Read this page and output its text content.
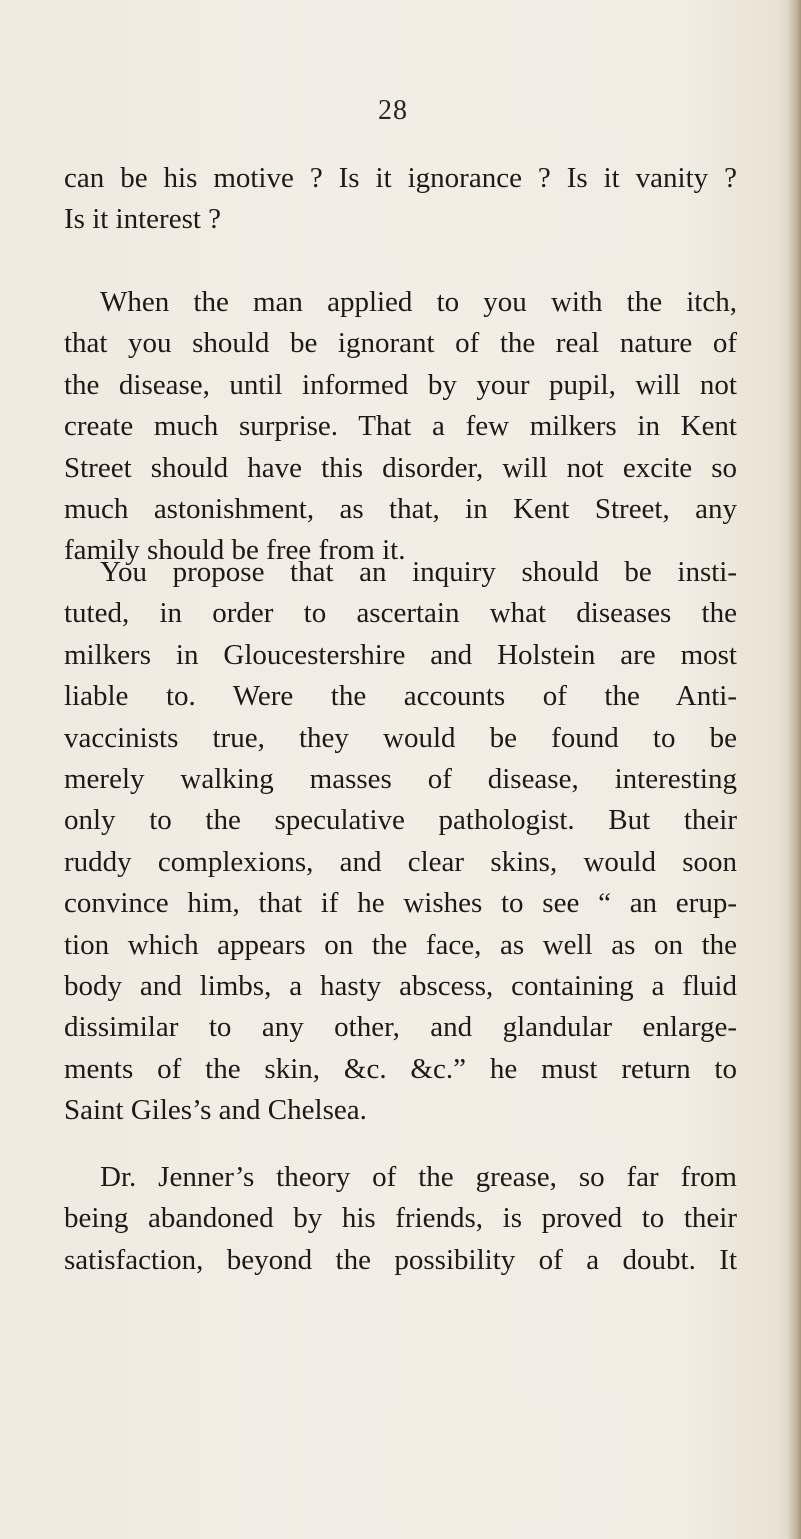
28

can be his motive ? Is it ignorance ? Is it vanity ?
Is it interest ?

When the man applied to you with the itch,
that you should be ignorant of the real nature of
the disease, until informed by your pupil, will not
create much surprise. That a few milkers in Kent
Street should have this disorder, will not excite so
much astonishment, as that, in Kent Street, any
family should be free from it.

You propose that an inquiry should be insti-
tuted, in order to ascertain what diseases the
milkers in Gloucestershire and Holstein are most
liable to. Were the accounts of the Anti-
vaccinists true, they would be found to be
merely walking masses of disease, interesting
only to the speculative pathologist. But their
ruddy complexions, and clear skins, would soon
convince him, that if he wishes to see “ an erup-
tion which appears on the face, as well as on the
body and limbs, a hasty abscess, containing a fluid
dissimilar to any other, and glandular enlarge-
ments of the skin, &c. &c.” he must return to
Saint Giles’s and Chelsea.

Dr. Jenner’s theory of the grease, so far from
being abandoned by his friends, is proved to their
satisfaction, beyond the possibility of a doubt. It
